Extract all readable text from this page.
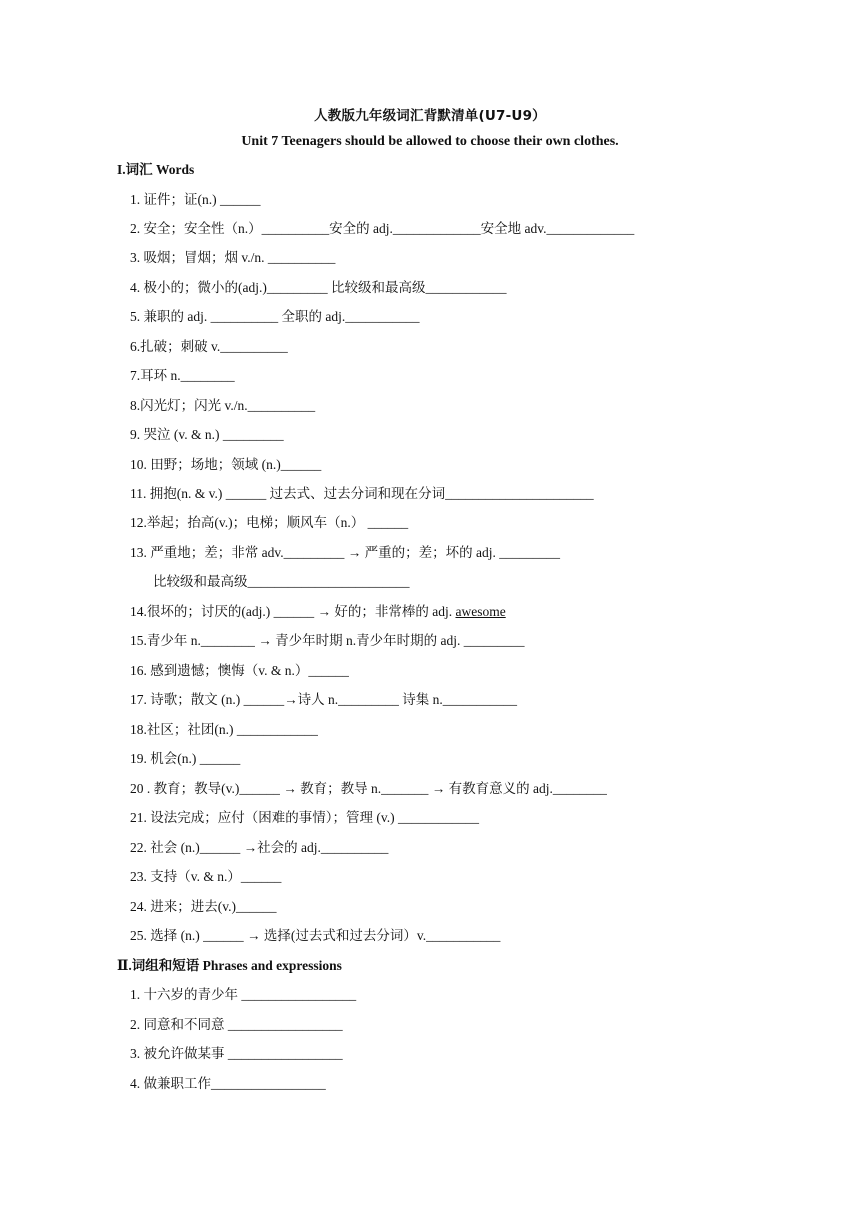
人教版九年级词汇背默清单(U7-U9）
Unit 7 Teenagers should be allowed to choose their own clothes.
I.词汇 Words
1. 证件；证(n.) ______
2. 安全；安全性（n.）__________安全的 adj._____________安全地 adv._____________
3. 吸烟；冒烟；烟 v./n. __________
4. 极小的；微小的(adj.)_________ 比较级和最高级____________
5. 兼职的 adj. __________ 全职的 adj.___________
6.扎破；刺破 v.__________
7.耳环 n.________
8.闪光灯；闪光 v./n.__________
9. 哭泣 (v. & n.) _________
10. 田野；场地；领域 (n.)______
11. 拥抱(n. & v.) ______ 过去式、过去分词和现在分词______________________
12.举起；抬高(v.)；电梯；顺风车（n.） ______
13. 严重地；差；非常 adv._________ → 严重的；差；坏的 adj. _________
比较级和最高级________________________
14.很坏的；讨厌的(adj.) ______ → 好的；非常棒的 adj. awesome
15.青少年 n.________ → 青少年时期 n.青少年时期的 adj. _________
16. 感到遗憾；懊悔（v. & n.）______
17. 诗歌；散文 (n.) ______→诗人 n._________ 诗集 n.___________
18.社区；社团(n.) ____________
19. 机会(n.) ______
20 . 教育；教导(v.)______ → 教育；教导 n._______ → 有教育意义的 adj.________
21. 设法完成；应付（困难的事情）；管理 (v.) ____________
22. 社会 (n.)______ →社会的 adj.__________
23. 支持（v. & n.）______
24. 进来；进去(v.)______
25. 选择 (n.) ______ → 选择(过去式和过去分词）v.___________
Ⅱ.词组和短语 Phrases and expressions
1. 十六岁的青少年 _________________
2. 同意和不同意 _________________
3. 被允许做某事 _________________
4. 做兼职工作_________________
